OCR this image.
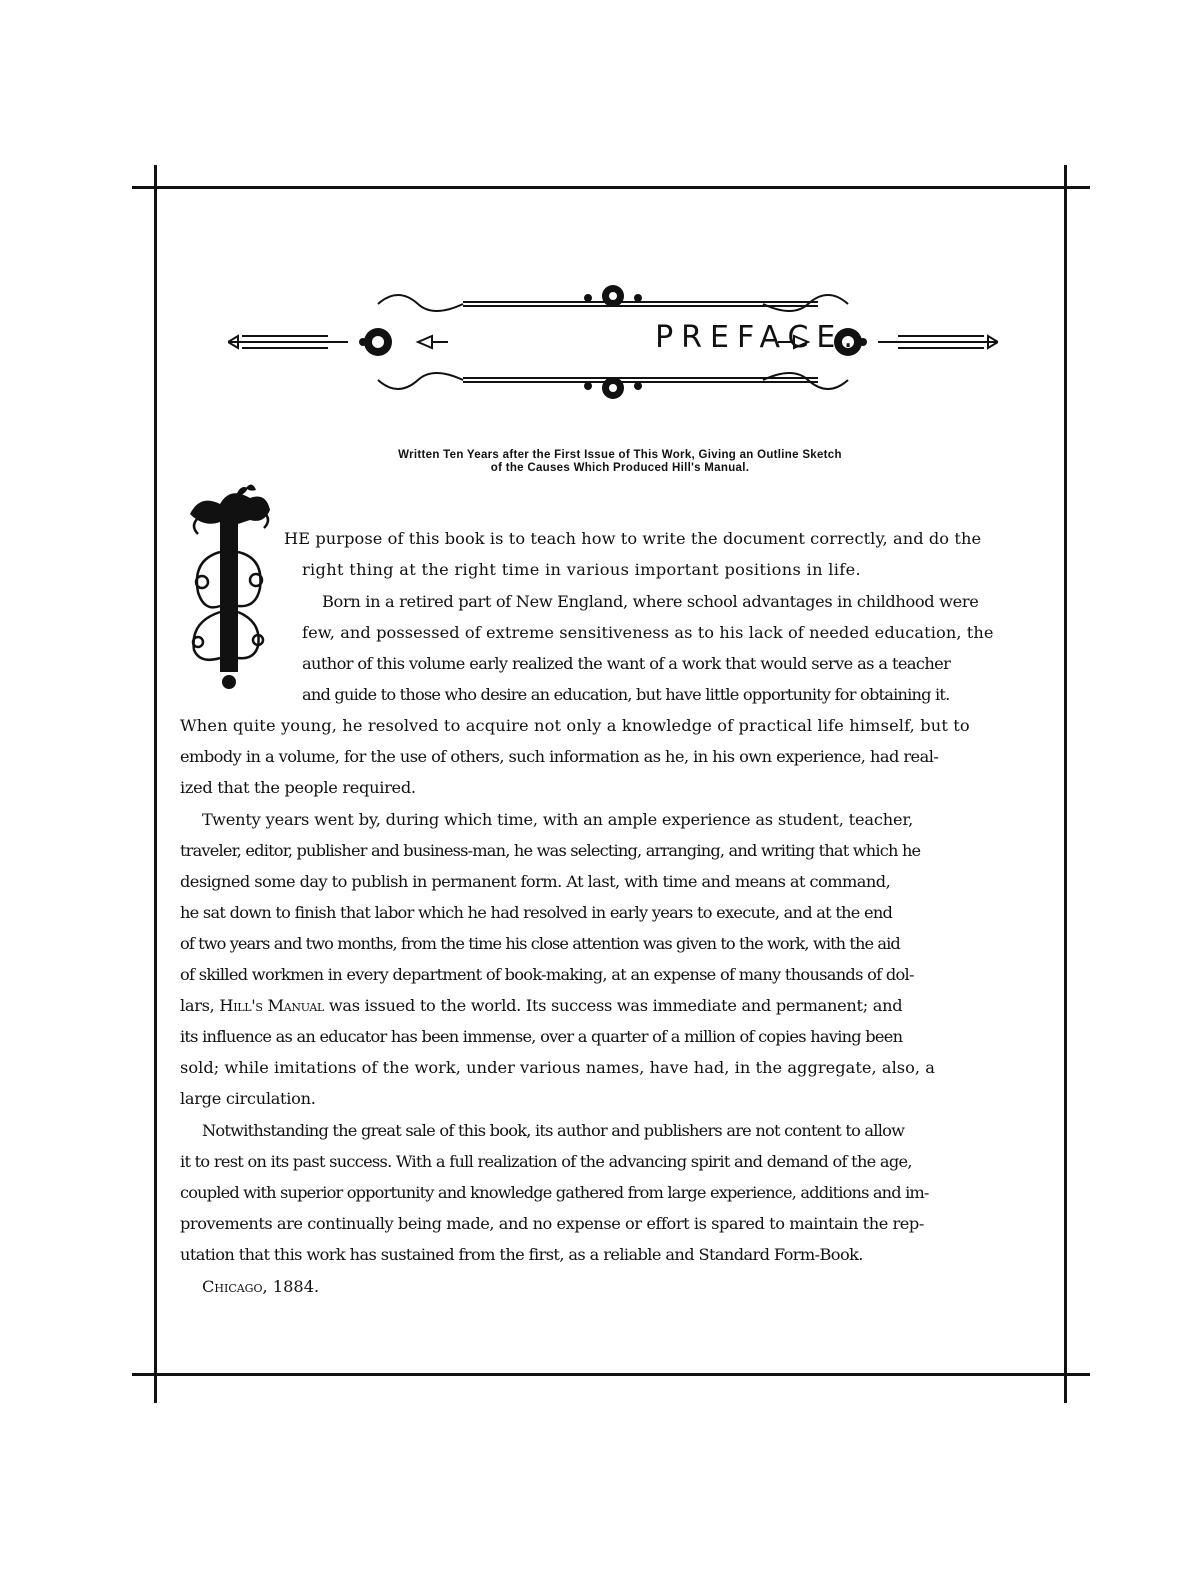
PREFACE.
Written Ten Years after the First Issue of This Work, Giving an Outline Sketch
of the Causes Which Produced Hill's Manual.
HE purpose of this book is to teach how to write the document correctly, and do the
right thing at the right time in various important positions in life.
Born in a retired part of New England, where school advantages in childhood were
few, and possessed of extreme sensitiveness as to his lack of needed education, the
author of this volume early realized the want of a work that would serve as a teacher
and guide to those who desire an education, but have little opportunity for obtaining it.
When quite young, he resolved to acquire not only a knowledge of practical life himself, but to
embody in a volume, for the use of others, such information as he, in his own experience, had real-
ized that the people required.
Twenty years went by, during which time, with an ample experience as student, teacher,
traveler, editor, publisher and business-man, he was selecting, arranging, and writing that which he
designed some day to publish in permanent form. At last, with time and means at command,
he sat down to finish that labor which he had resolved in early years to execute, and at the end
of two years and two months, from the time his close attention was given to the work, with the aid
of skilled workmen in every department of book-making, at an expense of many thousands of dol-
lars, Hill's Manual was issued to the world. Its success was immediate and permanent; and
its influence as an educator has been immense, over a quarter of a million of copies having been
sold; while imitations of the work, under various names, have had, in the aggregate, also, a
large circulation.
Notwithstanding the great sale of this book, its author and publishers are not content to allow
it to rest on its past success. With a full realization of the advancing spirit and demand of the age,
coupled with superior opportunity and knowledge gathered from large experience, additions and im-
provements are continually being made, and no expense or effort is spared to maintain the rep-
utation that this work has sustained from the first, as a reliable and Standard Form-Book.
Chicago, 1884.
